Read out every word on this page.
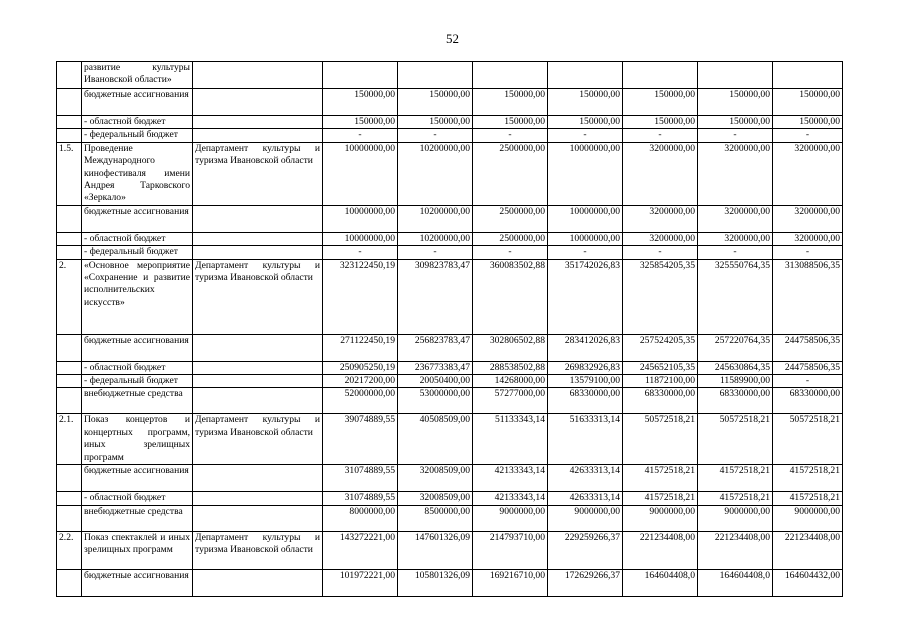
52
	развитие культуры Ивановской области»								
	бюджетные ассигнования		150000,00	150000,00	150000,00	150000,00	150000,00	150000,00	150000,00
	- областной бюджет		150000,00	150000,00	150000,00	150000,00	150000,00	150000,00	150000,00
	- федеральный бюджет		-	-	-	-	-	-	-
1.5.	Проведение Международного кинофестиваля имени Андрея Тарковского «Зеркало»	Департамент культуры и туризма Ивановской области	10000000,00	10200000,00	2500000,00	10000000,00	3200000,00	3200000,00	3200000,00
	бюджетные ассигнования		10000000,00	10200000,00	2500000,00	10000000,00	3200000,00	3200000,00	3200000,00
	- областной бюджет		10000000,00	10200000,00	2500000,00	10000000,00	3200000,00	3200000,00	3200000,00
	- федеральный бюджет		-	-	-	-	-	-	-
2.	«Основное мероприятие «Сохранение и развитие исполнительских искусств»	Департамент культуры и туризма Ивановской области	323122450,19	309823783,47	360083502,88	351742026,83	325854205,35	325550764,35	313088506,35
	бюджетные ассигнования		271122450,19	256823783,47	302806502,88	283412026,83	257524205,35	257220764,35	244758506,35
	- областной бюджет		250905250,19	236773383,47	288538502,88	269832926,83	245652105,35	245630864,35	244758506,35
	- федеральный бюджет		20217200,00	20050400,00	14268000,00	13579100,00	11872100,00	11589900,00	-
	внебюджетные средства		52000000,00	53000000,00	57277000,00	68330000,00	68330000,00	68330000,00	68330000,00
2.1.	Показ концертов и концертных программ, иных зрелищных программ	Департамент культуры и туризма Ивановской области	39074889,55	40508509,00	51133343,14	51633313,14	50572518,21	50572518,21	50572518,21
	бюджетные ассигнования		31074889,55	32008509,00	42133343,14	42633313,14	41572518,21	41572518,21	41572518,21
	- областной бюджет		31074889,55	32008509,00	42133343,14	42633313,14	41572518,21	41572518,21	41572518,21
	внебюджетные средства		8000000,00	8500000,00	9000000,00	9000000,00	9000000,00	9000000,00	9000000,00
2.2.	Показ спектаклей и иных зрелищных программ	Департамент культуры и туризма Ивановской области	143272221,00	147601326,09	214793710,00	229259266,37	221234408,00	221234408,00	221234408,00
	бюджетные ассигнования		101972221,00	105801326,09	169216710,00	172629266,37	164604408,0	164604408,0	164604432,00
